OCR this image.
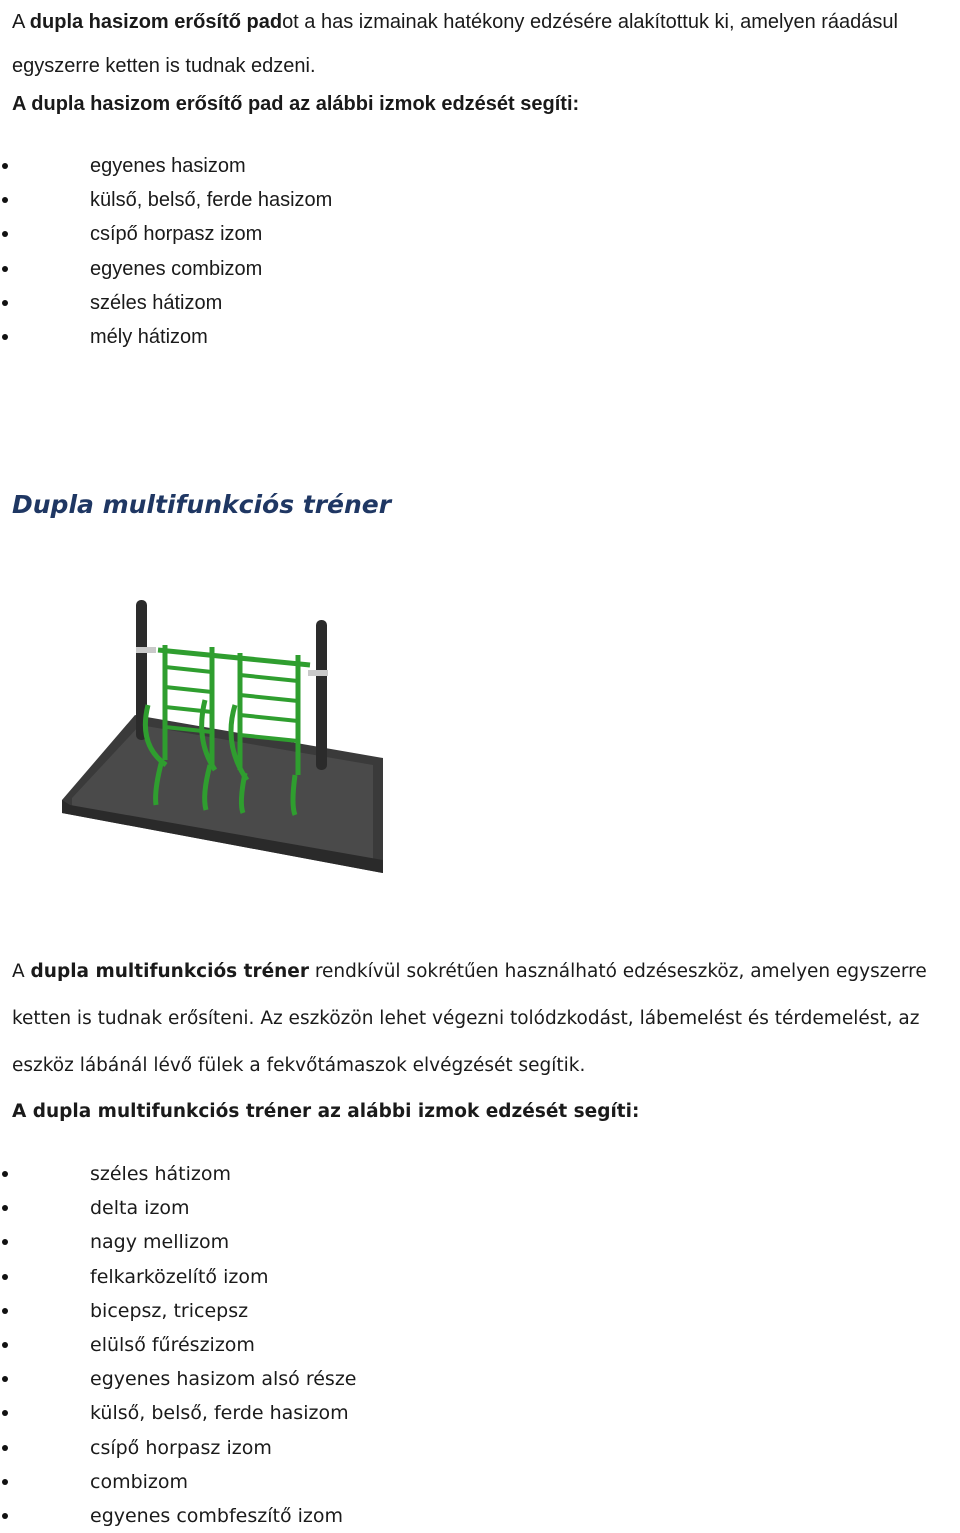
A dupla hasizom erősítő padot a has izmainak hatékony edzésére alakítottuk ki, amelyen ráadásul egyszerre ketten is tudnak edzeni.

A dupla hasizom erősítő pad az alábbi izmok edzését segíti:

egyenes hasizom
külső, belső, ferde hasizom
csípő horpasz izom
egyenes combizom
széles hátizom
mély hátizom
Dupla multifunkciós tréner

A dupla multifunkciós tréner rendkívül sokrétűen használható edzéseszköz, amelyen egyszerre ketten is tudnak erősíteni. Az eszközön lehet végezni tolódzkodást, lábemelést és térdemelést, az eszköz lábánál lévő fülek a fekvőtámaszok elvégzését segítik.

A dupla multifunkciós tréner az alábbi izmok edzését segíti:

széles hátizom
delta izom
nagy mellizom
felkarközelítő izom
bicepsz, tricepsz
elülső fűrészizom
egyenes hasizom alsó része
külső, belső, ferde hasizom
csípő horpasz izom
combizom
egyenes combfeszítő izom
